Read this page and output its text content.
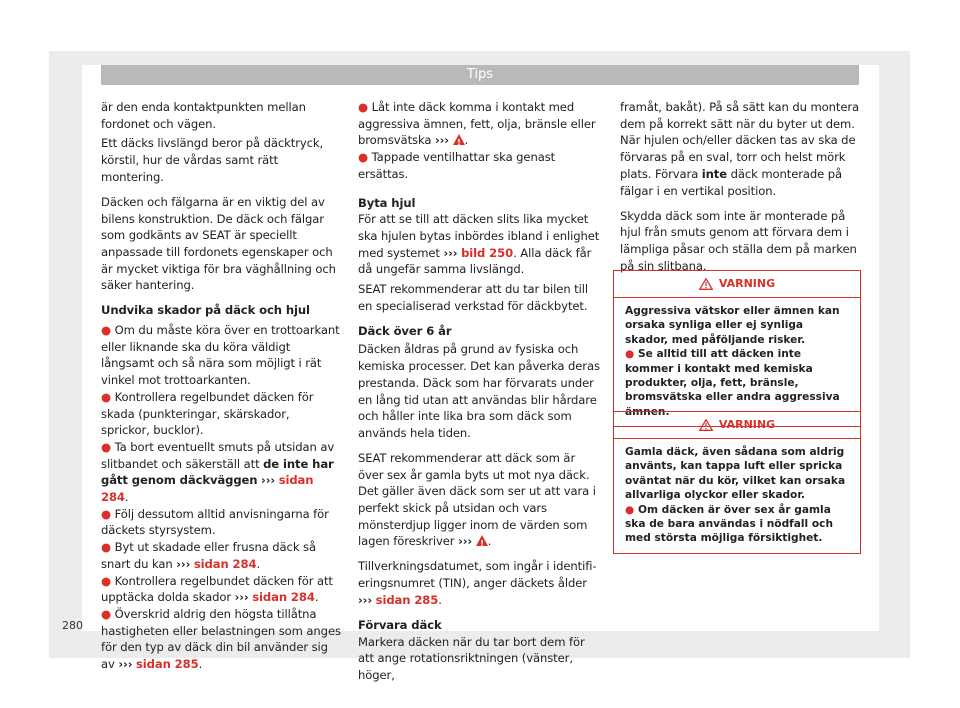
Tips

är den enda kontaktpunkten mellan fordonet och vägen.

Ett däcks livslängd beror på däcktryck, körstil, hur de vårdas samt rätt montering.

Däcken och fälgarna är en viktig del av bilens konstruktion. De däck och fälgar som godkänts av SEAT är speciellt anpassade till fordonets egenskaper och är mycket viktiga för bra väghållning och säker hantering.

Undvika skador på däck och hjul

● Om du måste köra över en trottoarkant eller liknande ska du köra väldigt långsamt och så nära som möjligt i rät vinkel mot trottoarkanten.

● Kontrollera regelbundet däcken för skada (punkteringar, skärskador, sprickor, bucklor).

● Ta bort eventuellt smuts på utsidan av slitbandet och säkerställ att de inte har gått genom däckväggen ››› sidan 284.

● Följ dessutom alltid anvisningarna för däckets styrsystem.

● Byt ut skadade eller frusna däck så snart du kan ››› sidan 284.

● Kontrollera regelbundet däcken för att upptäcka dolda skador ››› sidan 284.

● Överskrid aldrig den högsta tillåtna hastigheten eller belastningen som anges för den typ av däck din bil använder sig av ››› sidan 285.

● Låt inte däck komma i kontakt med aggressiva ämnen, fett, olja, bränsle eller bromsvätska ››› ! .

● Tappade ventilhattar ska genast ersättas.

Byta hjul

För att se till att däcken slits lika mycket ska hjulen bytas inbördes ibland i enlighet med systemet ››› bild 250. Alla däck får då ungefär samma livslängd.

SEAT rekommenderar att du tar bilen till en specialiserad verkstad för däckbytet.

Däck över 6 år

Däcken åldras på grund av fysiska och kemiska processer. Det kan påverka deras prestanda. Däck som har förvarats under en lång tid utan att användas blir hårdare och håller inte lika bra som däck som används hela tiden.

SEAT rekommenderar att däck som är över sex år gamla byts ut mot nya däck. Det gäller även däck som ser ut att vara i perfekt skick på utsidan och vars mönsterdjup ligger inom de värden som lagen föreskriver ››› ! .

Tillverkningsdatumet, som ingår i identifieringsnumret (TIN), anger däckets ålder ››› sidan 285.

Förvara däck

Markera däcken när du tar bort dem för att ange rotationsriktningen (vänster, höger,

framåt, bakåt). På så sätt kan du montera dem på korrekt sätt när du byter ut dem. När hjulen och/eller däcken tas av ska de förvaras på en sval, torr och helst mörk plats. Förvara inte däck monterade på fälgar i en vertikal position.

Skydda däck som inte är monterade på hjul från smuts genom att förvara dem i lämpliga påsar och ställa dem på marken på sin slitbana.

VARNING

Aggressiva vätskor eller ämnen kan orsaka synliga eller ej synliga skador, med påföljande risker.

● Se alltid till att däcken inte kommer i kontakt med kemiska produkter, olja, fett, bränsle, bromsvätska eller andra aggressiva ämnen.

VARNING

Gamla däck, även sådana som aldrig använts, kan tappa luft eller spricka oväntat när du kör, vilket kan orsaka allvarliga olyckor eller skador.

● Om däcken är över sex år gamla ska de bara användas i nödfall och med största möjliga försiktighet.

280
